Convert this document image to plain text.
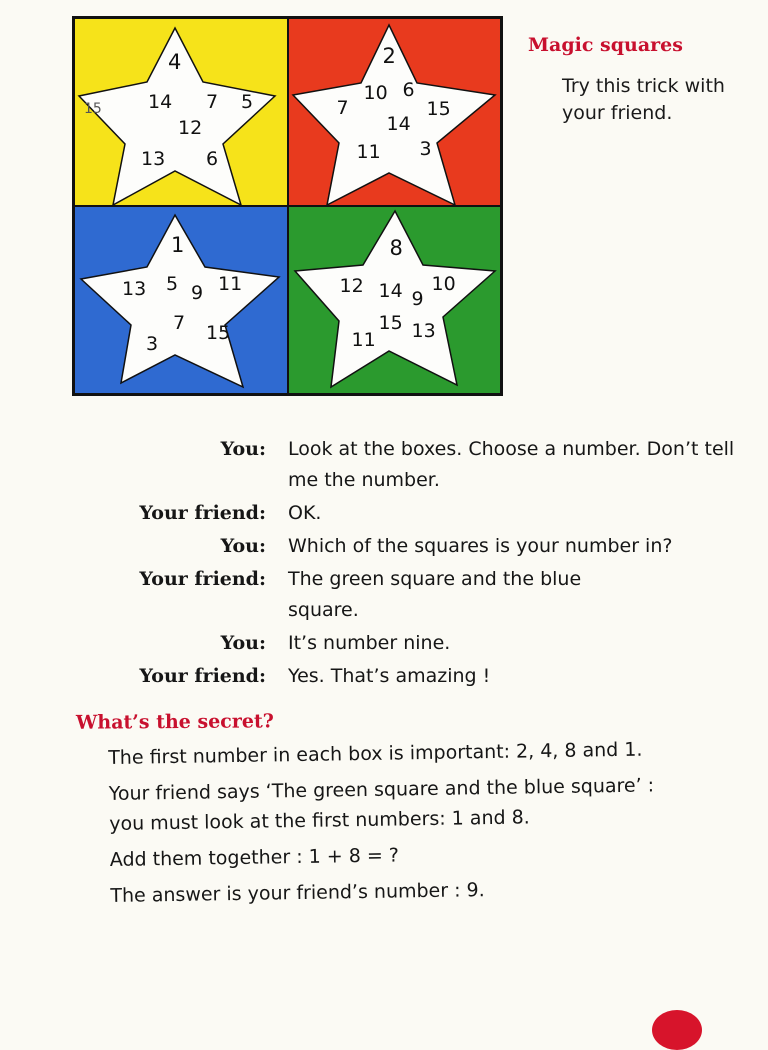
4
15 14 7 5
12
13 6
2
7
10 6
15
14
11 3
1
13 5 9 11
7
3	15
8
12 14 9
10
15
11 13
Magic squares
Try this trick with your friend.
You: Look at the boxes. Choose a number. Don’t tell me the number.
Your friend: OK.
You: Which of the squares is your number in?
Your friend: The green square and the blue square.
You: It’s number nine.
Your friend: Yes. That’s amazing !
What’s the secret?

The first number in each box is important: 2, 4, 8 and 1.

Your friend says ‘The green square and the blue square’ : you must look at the first numbers: 1 and 8.

Add them together : 1 + 8 = ?

The answer is your friend’s number : 9.
